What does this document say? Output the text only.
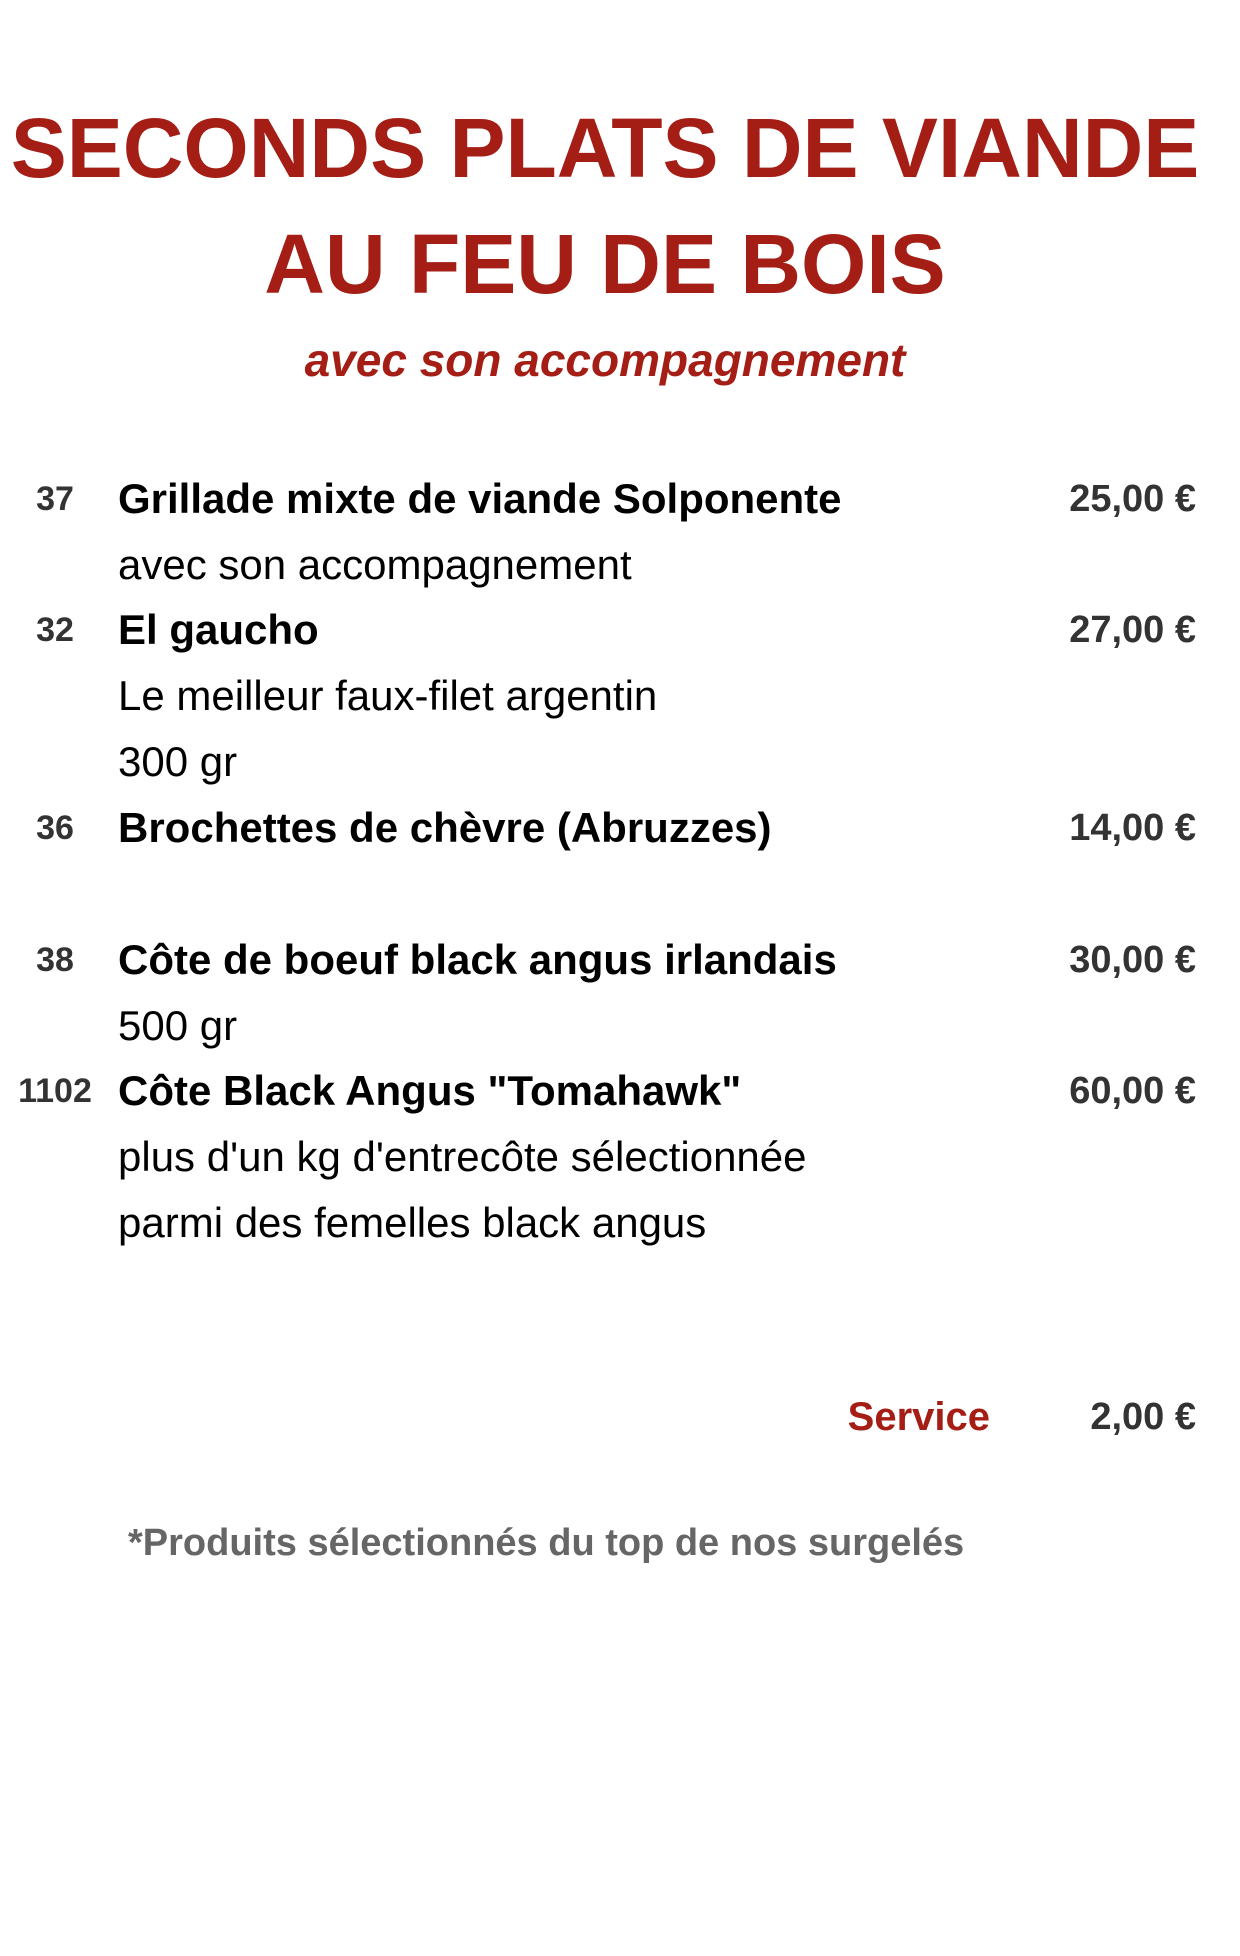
SECONDS PLATS DE VIANDE
AU FEU DE BOIS
avec son accompagnement
37	Grillade mixte de viande Solponente	25,00 €
avec son accompagnement
32	El gaucho	27,00 €
Le meilleur faux-filet argentin
300 gr
36	Brochettes de chèvre (Abruzzes)	14,00 €
38	Côte de boeuf black angus irlandais	30,00 €
500 gr
1102 Côte Black Angus "Tomahawk"	60,00 €
plus d'un kg d'entrecôte sélectionnée
parmi des femelles black angus
Service	2,00 €
*Produits sélectionnés du top de nos surgelés
